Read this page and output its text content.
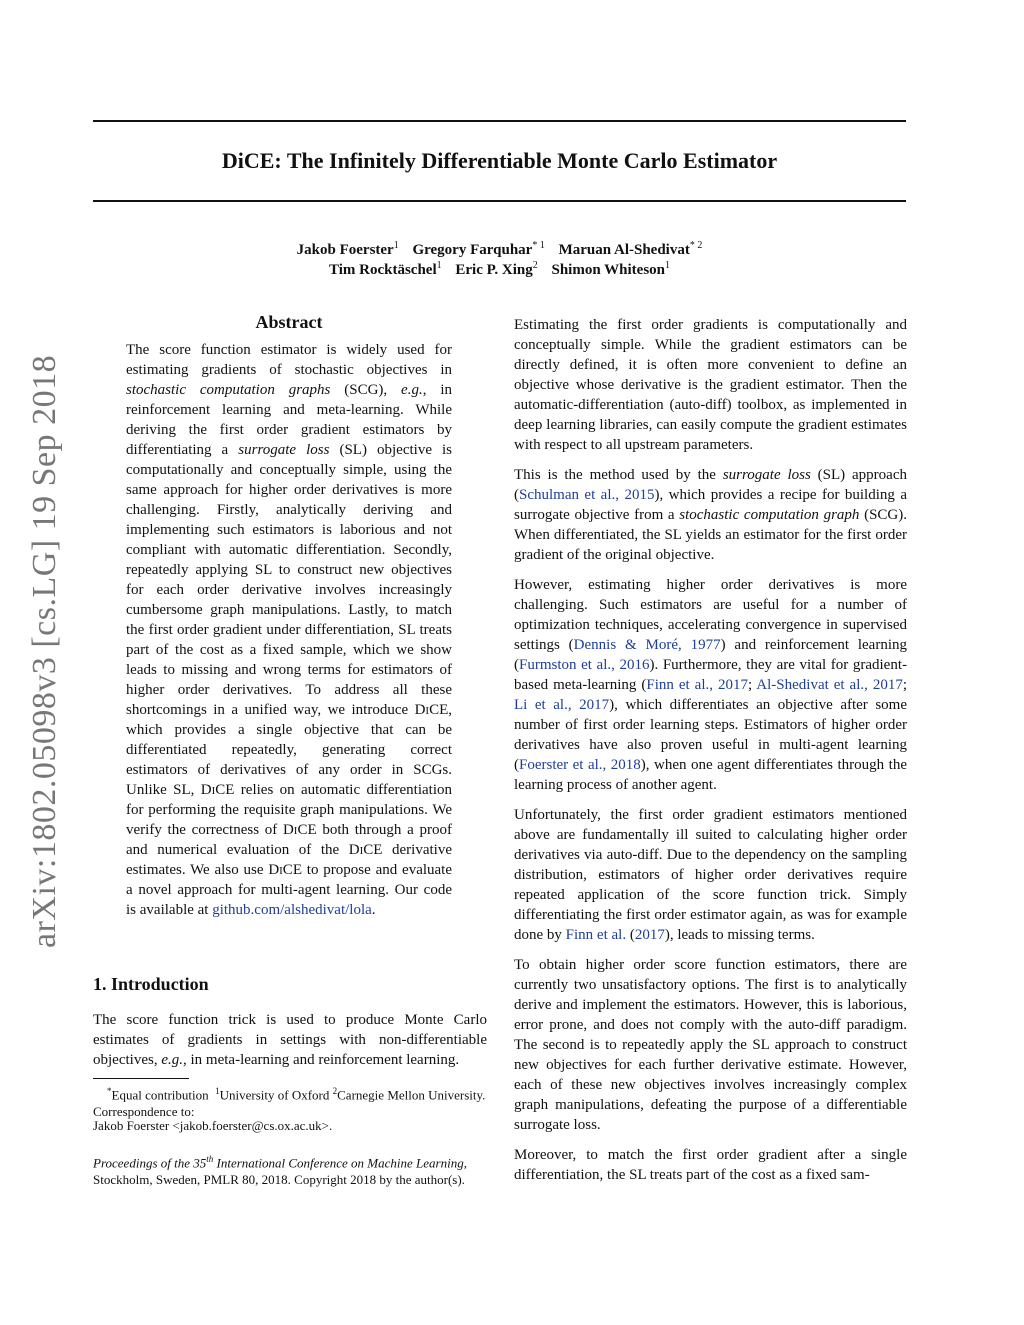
DiCE: The Infinitely Differentiable Monte Carlo Estimator
Jakob Foerster$^1$ Gregory Farquhar$^{* 1}$ Maruan Al-Shedivat$^{* 2}$
Tim Rocktäschel$^1$ Eric P. Xing$^2$ Shimon Whiteson$^1$
arXiv:1802.05098v3 [cs.LG] 19 Sep 2018
Abstract

The score function estimator is widely used for estimating gradients of stochastic objectives in stochastic computation graphs (SCG), e.g., in reinforcement learning and meta-learning. While deriving the first order gradient estimators by differentiating a surrogate loss (SL) objective is computationally and conceptually simple, using the same approach for higher order derivatives is more challenging. Firstly, analytically deriving and implementing such estimators is laborious and not compliant with automatic differentiation. Secondly, repeatedly applying SL to construct new objectives for each order derivative involves increasingly cumbersome graph manipulations. Lastly, to match the first order gradient under differentiation, SL treats part of the cost as a fixed sample, which we show leads to missing and wrong terms for estimators of higher order derivatives. To address all these shortcomings in a unified way, we introduce DiCE, which provides a single objective that can be differentiated repeatedly, generating correct estimators of derivatives of any order in SCGs. Unlike SL, DiCE relies on automatic differentiation for performing the requisite graph manipulations. We verify the correctness of DiCE both through a proof and numerical evaluation of the DiCE derivative estimates. We also use DiCE to propose and evaluate a novel approach for multi-agent learning. Our code is available at github.com/alshedivat/lola.

1. Introduction

The score function trick is used to produce Monte Carlo estimates of gradients in settings with non-differentiable objectives, e.g., in meta-learning and reinforcement learning.

*Equal contribution $^1$University of Oxford $^2$Carnegie Mellon University. Correspondence to:

Jakob Foerster <jakob.foerster@cs.ox.ac.uk>.

Proceedings of the 35th International Conference on Machine Learning, Stockholm, Sweden, PMLR 80, 2018. Copyright 2018 by the author(s).

Estimating the first order gradients is computationally and conceptually simple. While the gradient estimators can be directly defined, it is often more convenient to define an objective whose derivative is the gradient estimator. Then the automatic-differentiation (auto-diff) toolbox, as implemented in deep learning libraries, can easily compute the gradient estimates with respect to all upstream parameters.

This is the method used by the surrogate loss (SL) approach (Schulman et al., 2015), which provides a recipe for building a surrogate objective from a stochastic computation graph (SCG). When differentiated, the SL yields an estimator for the first order gradient of the original objective.

However, estimating higher order derivatives is more challenging. Such estimators are useful for a number of optimization techniques, accelerating convergence in supervised settings (Dennis & Moré, 1977) and reinforcement learning (Furmston et al., 2016). Furthermore, they are vital for gradient-based meta-learning (Finn et al., 2017; Al-Shedivat et al., 2017; Li et al., 2017), which differentiates an objective after some number of first order learning steps. Estimators of higher order derivatives have also proven useful in multi-agent learning (Foerster et al., 2018), when one agent differentiates through the learning process of another agent.

Unfortunately, the first order gradient estimators mentioned above are fundamentally ill suited to calculating higher order derivatives via auto-diff. Due to the dependency on the sampling distribution, estimators of higher order derivatives require repeated application of the score function trick. Simply differentiating the first order estimator again, as was for example done by Finn et al. (2017), leads to missing terms.

To obtain higher order score function estimators, there are currently two unsatisfactory options. The first is to analytically derive and implement the estimators. However, this is laborious, error prone, and does not comply with the auto-diff paradigm. The second is to repeatedly apply the SL approach to construct new objectives for each further derivative estimate. However, each of these new objectives involves increasingly complex graph manipulations, defeating the purpose of a differentiable surrogate loss.

Moreover, to match the first order gradient after a single differentiation, the SL treats part of the cost as a fixed sam-
